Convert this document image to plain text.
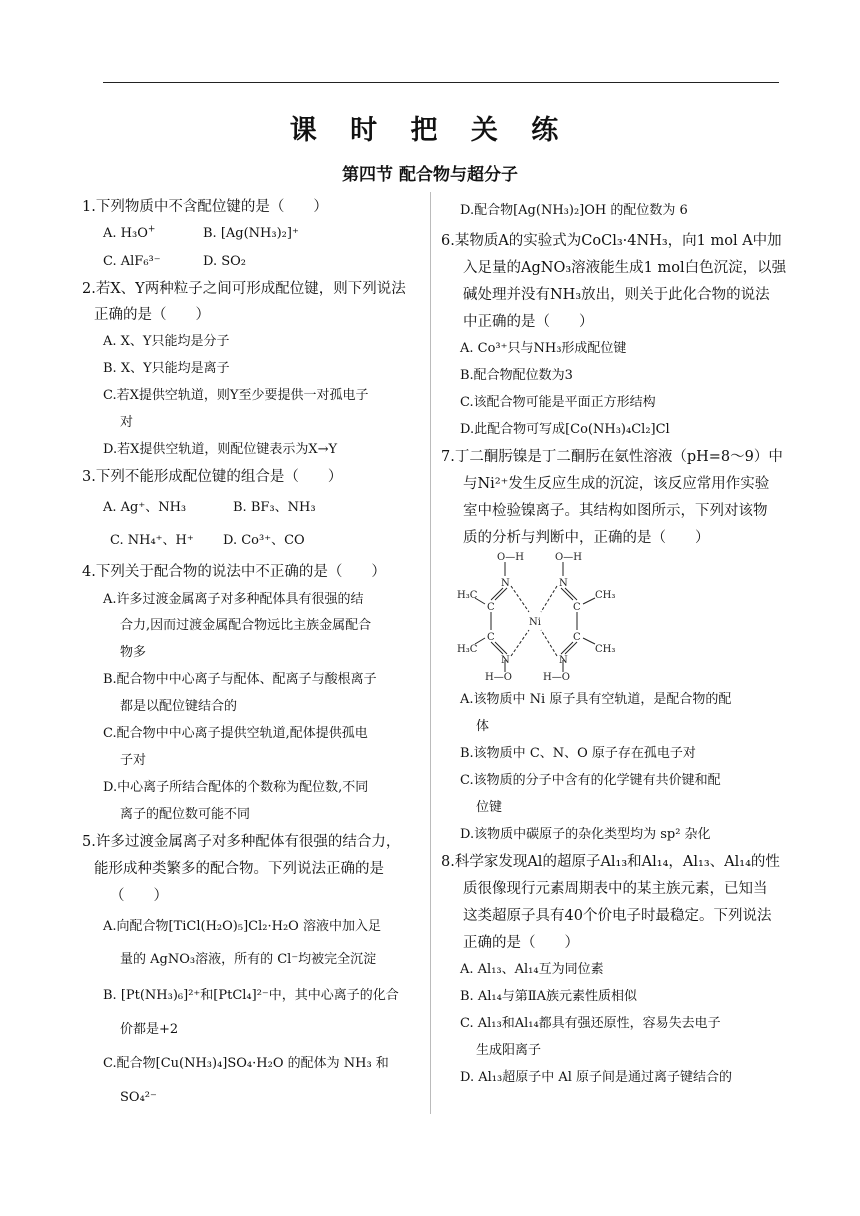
课 时 把 关 练
第四节 配合物与超分子
1.下列物质中不含配位键的是（　　）
A. H₃O+	B. [Ag(NH₃)₂]⁺
C. AlF₆³⁻	D. SO₂
2.若X、Y两种粒子之间可形成配位键，则下列说法
正确的是（　　）
A. X、Y只能均是分子
B. X、Y只能均是离子
C.若X提供空轨道，则Y至少要提供一对孤电子
对
D.若X提供空轨道，则配位键表示为X→Y
3.下列不能形成配位键的组合是（　　）
A. Ag⁺、NH₃	B. BF₃、NH₃
C. NH₄⁺、H⁺ D. Co³⁺、CO
4.下列关于配合物的说法中不正确的是（　　）
A.许多过渡金属离子对多种配体具有很强的结
合力,因而过渡金属配合物远比主族金属配合
物多
B.配合物中中心离子与配体、配离子与酸根离子
都是以配位键结合的
C.配合物中中心离子提供空轨道,配体提供孤电
子对
D.中心离子所结合配体的个数称为配位数,不同
离子的配位数可能不同
5.许多过渡金属离子对多种配体有很强的结合力，
能形成种类繁多的配合物。下列说法正确的是
（　　）
A.向配合物[TiCl(H₂O)₅]Cl₂·H₂O 溶液中加入足
量的 AgNO₃溶液，所有的 Cl⁻均被完全沉淀
B. [Pt(NH₃)₆]²⁺和[PtCl₄]²⁻中，其中心离子的化合
价都是+2
C.配合物[Cu(NH₃)₄]SO₄·H₂O 的配体为 NH₃ 和
SO₄²⁻
D.配合物[Ag(NH₃)₂]OH 的配位数为 6
6.某物质A的实验式为CoCl₃·4NH₃，向1 mol A中加
入足量的AgNO₃溶液能生成1 mol白色沉淀，以强
碱处理并没有NH₃放出，则关于此化合物的说法
中正确的是（　　）
A. Co³⁺只与NH₃形成配位键
B.配合物配位数为3
C.该配合物可能是平面正方形结构
D.此配合物可写成[Co(NH₃)₄Cl₂]Cl
7.丁二酮肟镍是丁二酮肟在氨性溶液（pH=8～9）中
与Ni²⁺发生反应生成的沉淀，该反应常用作实验
室中检验镍离子。其结构如图所示，下列对该物
质的分析与判断中，正确的是（　　）
O—H	O—H
N	N
H₃C	CH₃
C	C
Ni
C	C
H₃C	CH₃
N	N
H—O	H—O
A.该物质中 Ni 原子具有空轨道，是配合物的配
体
B.该物质中 C、N、O 原子存在孤电子对
C.该物质的分子中含有的化学键有共价键和配
位键
D.该物质中碳原子的杂化类型均为 sp² 杂化
8.科学家发现Al的超原子Al₁₃和Al₁₄，Al₁₃、Al₁₄的性
质很像现行元素周期表中的某主族元素，已知当
这类超原子具有40个价电子时最稳定。下列说法
正确的是（　　）
A. Al₁₃、Al₁₄互为同位素
B. Al₁₄与第ⅡA族元素性质相似
C. Al₁₃和Al₁₄都具有强还原性，容易失去电子
生成阳离子
D. Al₁₃超原子中 Al 原子间是通过离子键结合的
